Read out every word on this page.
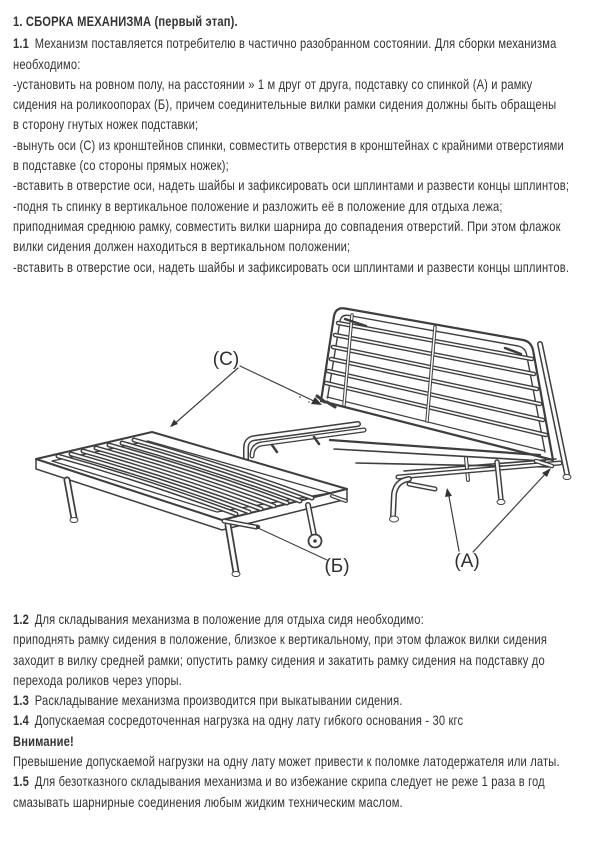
1. СБОРКА МЕХАНИЗМА (первый этап).
1.1 Механизм поставляется потребителю в частично разобранном состоянии. Для сборки механизма
необходимо:
-установить на ровном полу, на расстоянии » 1 м друг от друга, подставку со спинкой (А) и рамку
сидения на роликоопорах (Б), причем соединительные вилки рамки сидения должны быть обращены
в сторону гнутых ножек подставки;
-вынуть оси (С) из кронштейнов спинки, совместить отверстия в кронштейнах с крайними отверстиями
в подставке (со стороны прямых ножек);
-вставить в отверстие оси, надеть шайбы и зафиксировать оси шплинтами и развести концы шплинтов;
-подня ть спинку в вертикальное положение и разложить её в положение для отдыха лежа;
приподнимая среднюю рамку, совместить вилки шарнира до совпадения отверстий. При этом флажок
вилки сидения должен находиться в вертикальном положении;
-вставить в отверстие оси, надеть шайбы и зафиксировать оси шплинтами и развести концы шплинтов.
(C)
(Б)	(A)
1.2 Для складывания механизма в положение для отдыха сидя необходимо:
приподнять рамку сидения в положение, близкое к вертикальному, при этом флажок вилки сидения
заходит в вилку средней рамки; опустить рамку сидения и закатить рамку сидения на подставку до
перехода роликов через упоры.
1.3 Раскладывание механизма производится при выкатывании сидения.
1.4 Допускаемая сосредоточенная нагрузка на одну лату гибкого основания - 30 кгс
Внимание!
Превышение допускаемой нагрузки на одну лату может привести к поломке латодержателя или латы.
1.5 Для безотказного складывания механизма и во избежание скрипа следует не реже 1 раза в год
смазывать шарнирные соединения любым жидким техническим маслом.
